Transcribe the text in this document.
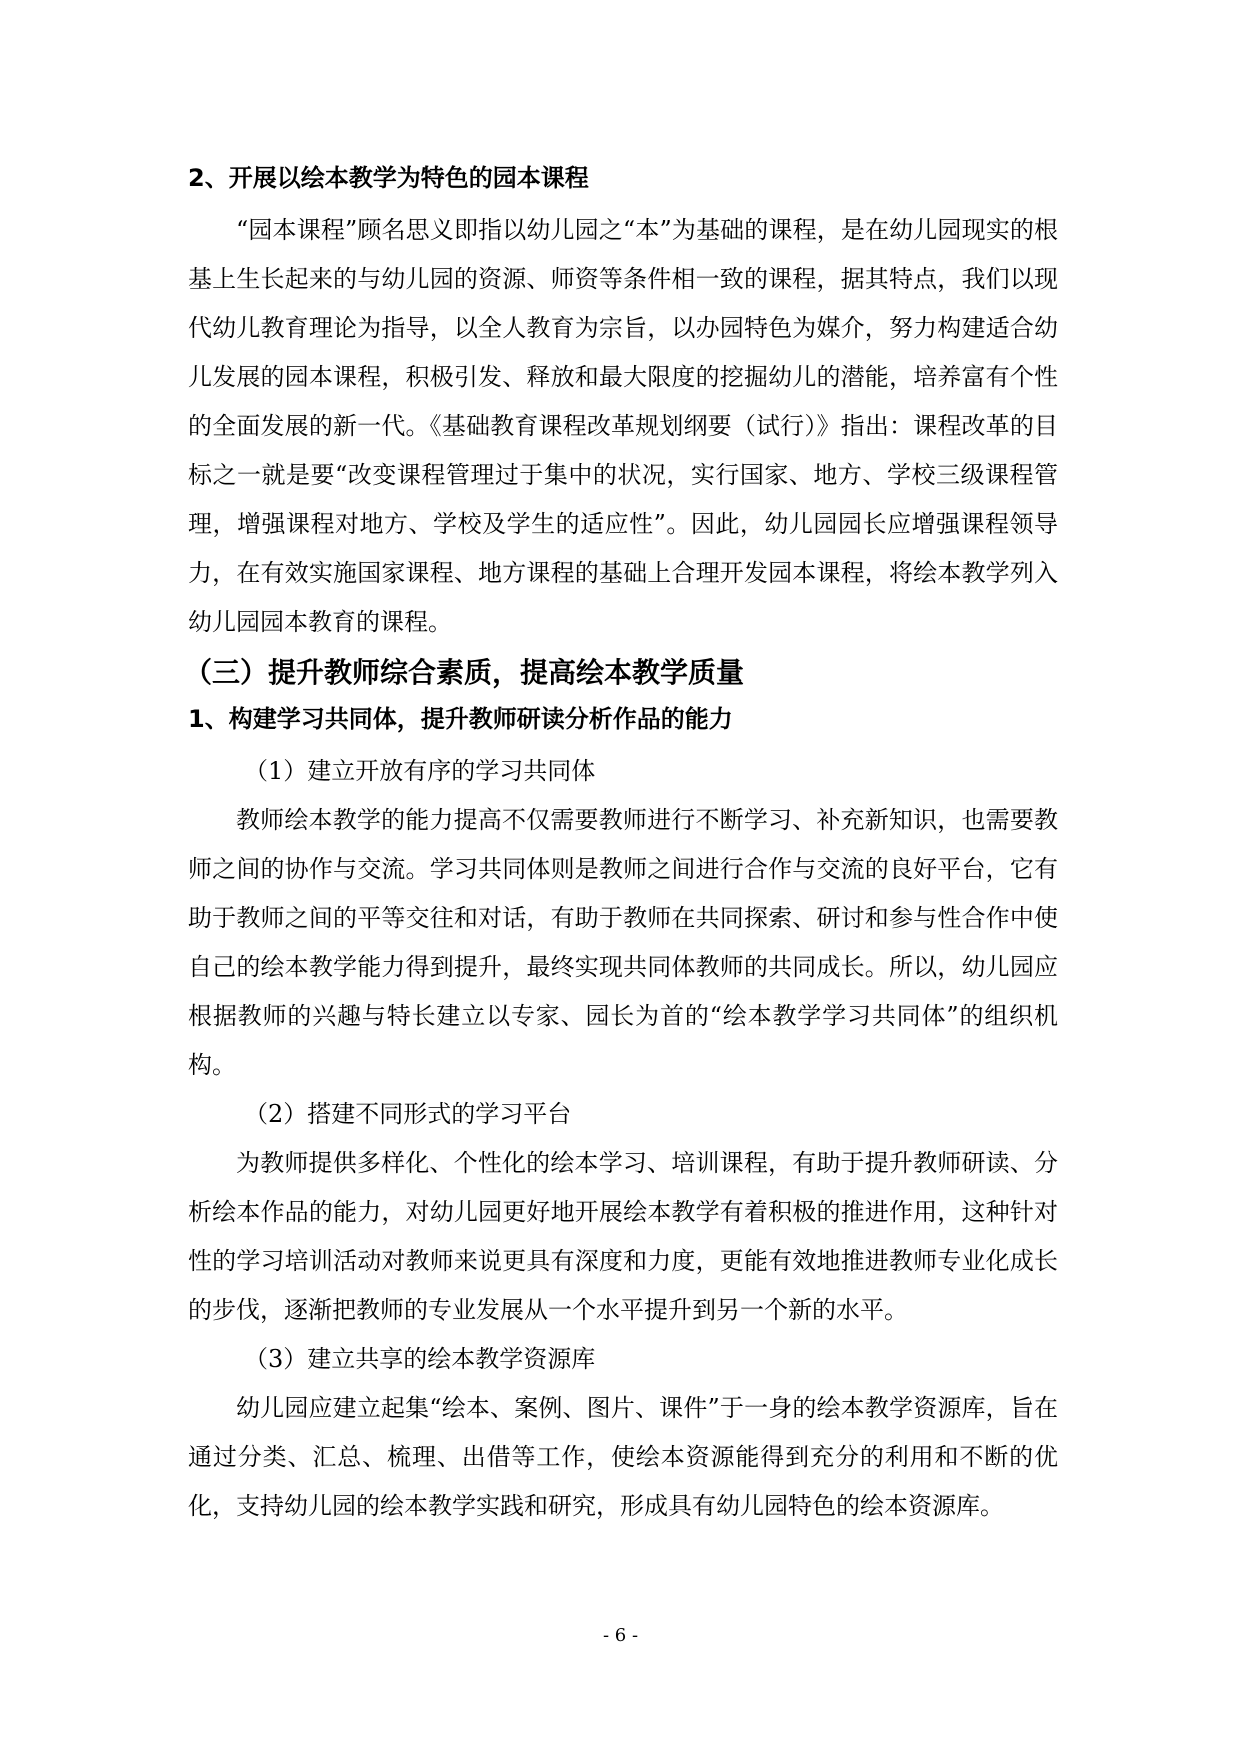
2、开展以绘本教学为特色的园本课程

“园本课程”顾名思义即指以幼儿园之“本”为基础的课程，是在幼儿园现实的根基上生长起来的与幼儿园的资源、师资等条件相一致的课程，据其特点，我们以现代幼儿教育理论为指导，以全人教育为宗旨，以办园特色为媒介，努力构建适合幼儿发展的园本课程，积极引发、释放和最大限度的挖掘幼儿的潜能，培养富有个性的全面发展的新一代。《基础教育课程改革规划纲要（试行）》指出：课程改革的目标之一就是要“改变课程管理过于集中的状况，实行国家、地方、学校三级课程管理，增强课程对地方、学校及学生的适应性”。因此，幼儿园园长应增强课程领导力，在有效实施国家课程、地方课程的基础上合理开发园本课程，将绘本教学列入幼儿园园本教育的课程。

（三）提升教师综合素质，提高绘本教学质量
1、构建学习共同体，提升教师研读分析作品的能力
（1）建立开放有序的学习共同体

教师绘本教学的能力提高不仅需要教师进行不断学习、补充新知识，也需要教师之间的协作与交流。学习共同体则是教师之间进行合作与交流的良好平台，它有助于教师之间的平等交往和对话，有助于教师在共同探索、研讨和参与性合作中使自己的绘本教学能力得到提升，最终实现共同体教师的共同成长。所以，幼儿园应根据教师的兴趣与特长建立以专家、园长为首的“绘本教学学习共同体”的组织机构。

（2）搭建不同形式的学习平台

为教师提供多样化、个性化的绘本学习、培训课程，有助于提升教师研读、分析绘本作品的能力，对幼儿园更好地开展绘本教学有着积极的推进作用，这种针对性的学习培训活动对教师来说更具有深度和力度，更能有效地推进教师专业化成长的步伐，逐渐把教师的专业发展从一个水平提升到另一个新的水平。

（3）建立共享的绘本教学资源库

幼儿园应建立起集“绘本、案例、图片、课件”于一身的绘本教学资源库，旨在通过分类、汇总、梳理、出借等工作，使绘本资源能得到充分的利用和不断的优化，支持幼儿园的绘本教学实践和研究，形成具有幼儿园特色的绘本资源库。

- 6 -
